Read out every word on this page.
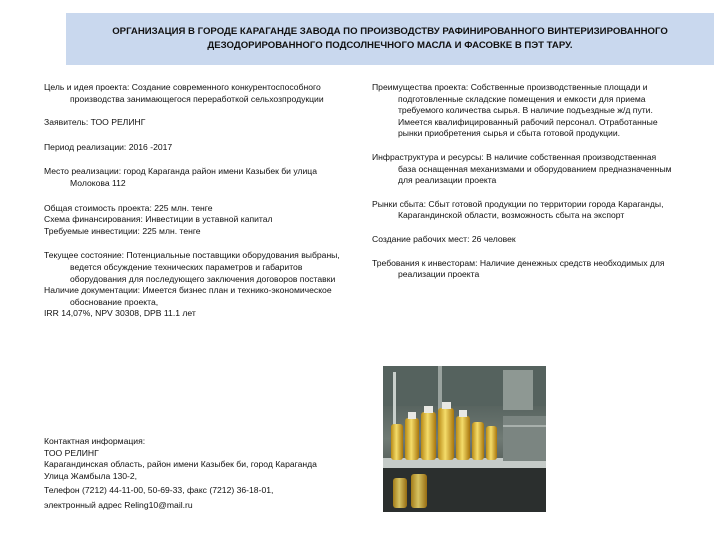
ОРГАНИЗАЦИЯ В ГОРОДЕ КАРАГАНДЕ ЗАВОДА ПО ПРОИЗВОДСТВУ РАФИНИРОВАННОГО ВИНТЕРИЗИРОВАННОГО ДЕЗОДОРИРОВАННОГО ПОДСОЛНЕЧНОГО МАСЛА И ФАСОВКЕ В ПЭТ ТАРУ.

Цель и идея проекта: Создание современного конкурентоспособного производства занимающегося переработкой сельхозпродукции

Заявитель: ТОО РЕЛИНГ

Период реализации: 2016 -2017

Место реализации: город Караганда район имени Казыбек би улица Молокова 112

Общая стоимость проекта: 225 млн. тенге

Схема финансирования: Инвестиции в уставной капитал

Требуемые инвестиции: 225 млн. тенге

Текущее состояние: Потенциальные поставщики оборудования выбраны, ведется обсуждение технических параметров и габаритов оборудования для последующего заключения договоров поставки

Наличие документации: Имеется бизнес план и технико-экономическое обоснование проекта,

IRR 14,07%, NPV 30308, DPB 11.1 лет

Контактная информация:

ТОО РЕЛИНГ

Карагандинская область, район имени Казыбек би, город Караганда

Улица Жамбыла 130-2,

Телефон (7212) 44-11-00, 50-69-33, факс (7212) 36-18-01,

электронный адрес Reling10@mail.ru

Преимущества проекта: Собственные производственные площади и подготовленные складские помещения и емкости для приема требуемого количества сырья. В наличие подъездные ж/д пути. Имеется квалифицированный рабочий персонал. Отработанные рынки приобретения сырья и сбыта готовой продукции.

Инфраструктура и ресурсы: В наличие собственная производственная база оснащенная механизмами и оборудованием предназначенным для реализации проекта

Рынки сбыта: Сбыт готовой продукции по территории города Караганды, Карагандинской области, возможность сбыта на экспорт

Создание рабочих мест: 26 человек

Требования к инвесторам: Наличие денежных средств необходимых для реализации проекта
